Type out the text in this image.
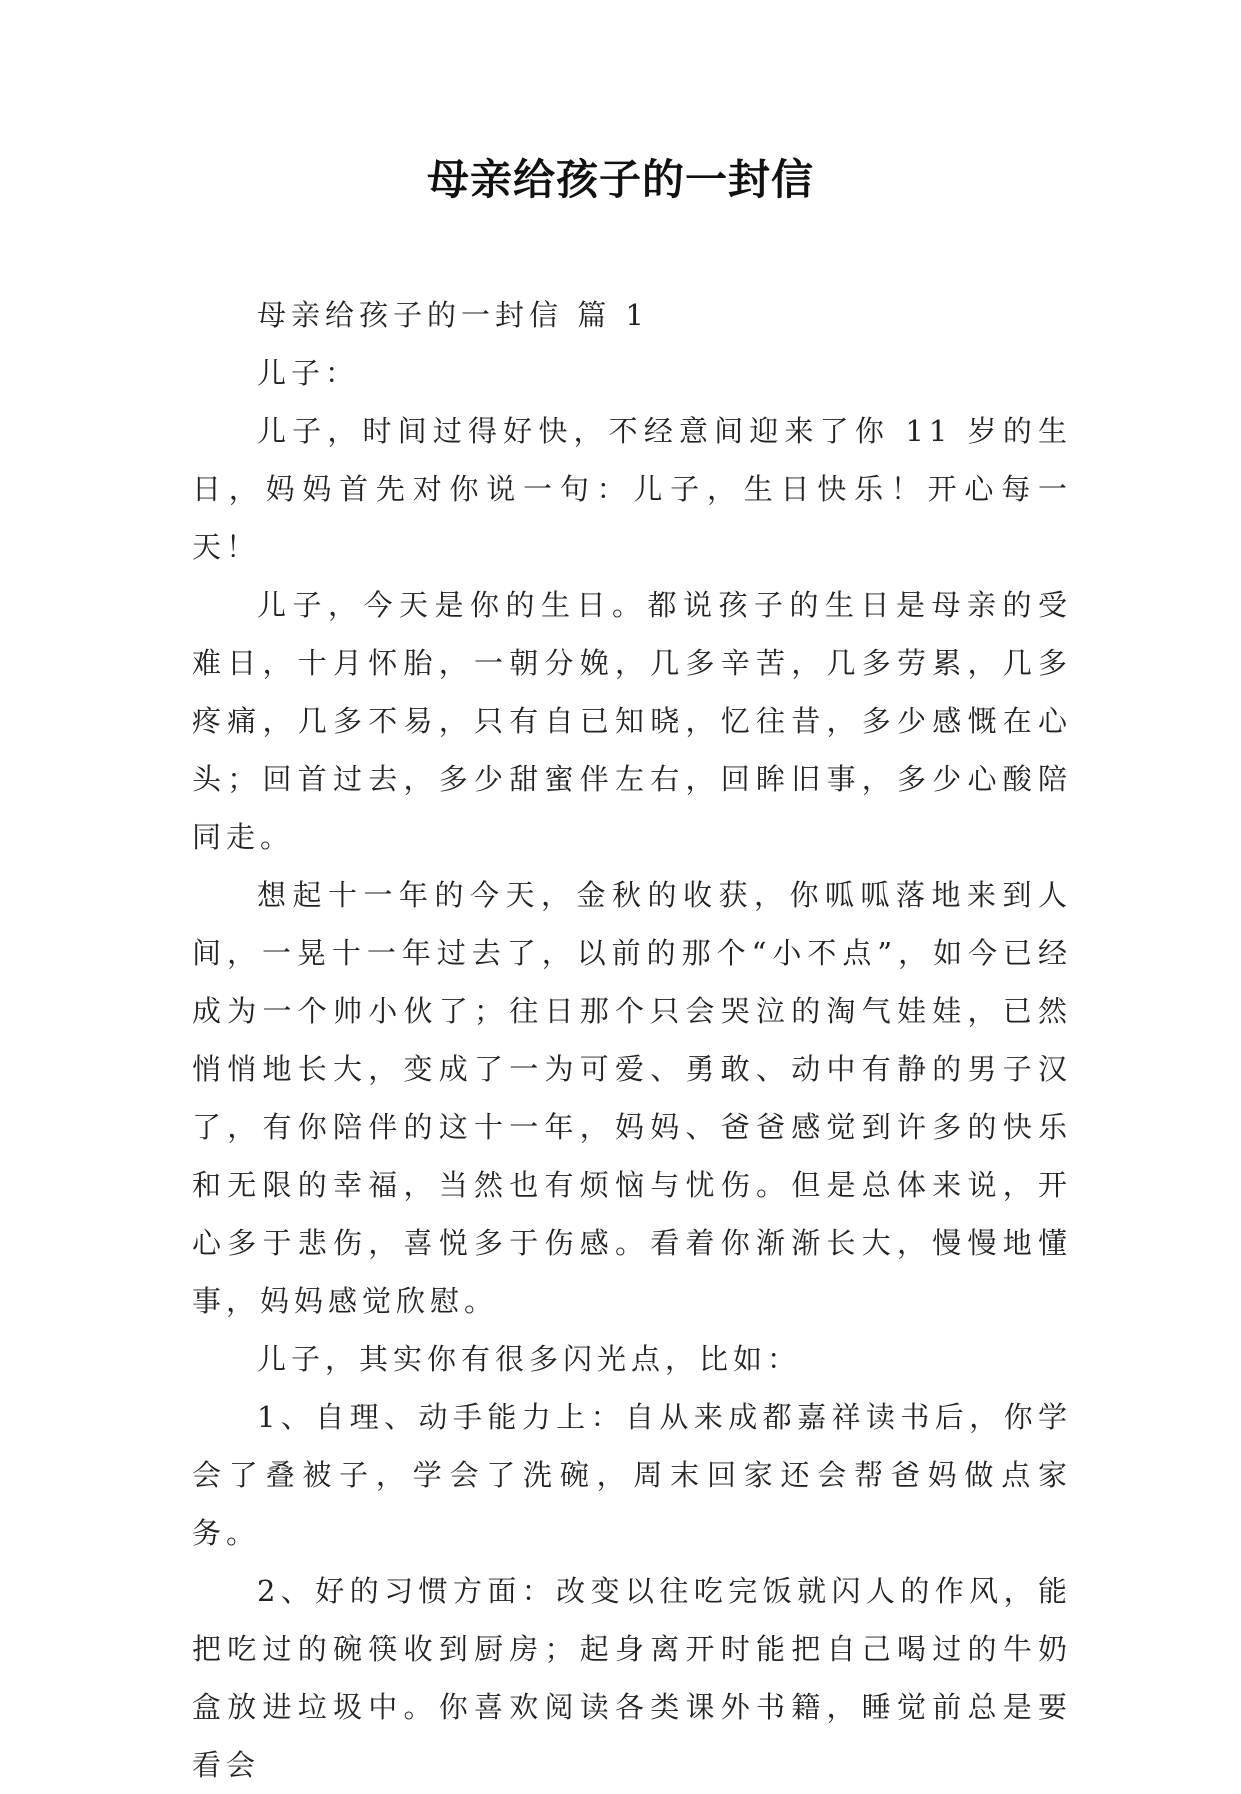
母亲给孩子的一封信

母亲给孩子的一封信 篇 1

儿子：

儿子，时间过得好快，不经意间迎来了你 11 岁的生日，妈妈首先对你说一句：儿子，生日快乐！开心每一天！

儿子，今天是你的生日。都说孩子的生日是母亲的受难日，十月怀胎，一朝分娩，几多辛苦，几多劳累，几多疼痛，几多不易，只有自已知晓，忆往昔，多少感慨在心头；回首过去，多少甜蜜伴左右，回眸旧事，多少心酸陪同走。

想起十一年的今天，金秋的收获，你呱呱落地来到人间，一晃十一年过去了，以前的那个“小不点”，如今已经成为一个帅小伙了；往日那个只会哭泣的淘气娃娃，已然悄悄地长大，变成了一为可爱、勇敢、动中有静的男子汉了，有你陪伴的这十一年，妈妈、爸爸感觉到许多的快乐和无限的幸福，当然也有烦恼与忧伤。但是总体来说，开心多于悲伤，喜悦多于伤感。看着你渐渐长大，慢慢地懂事，妈妈感觉欣慰。

儿子，其实你有很多闪光点，比如：

1、自理、动手能力上：自从来成都嘉祥读书后，你学会了叠被子，学会了洗碗，周末回家还会帮爸妈做点家务。

2、好的习惯方面：改变以往吃完饭就闪人的作风，能把吃过的碗筷收到厨房；起身离开时能把自己喝过的牛奶盒放进垃圾中。你喜欢阅读各类课外书籍，睡觉前总是要看会
